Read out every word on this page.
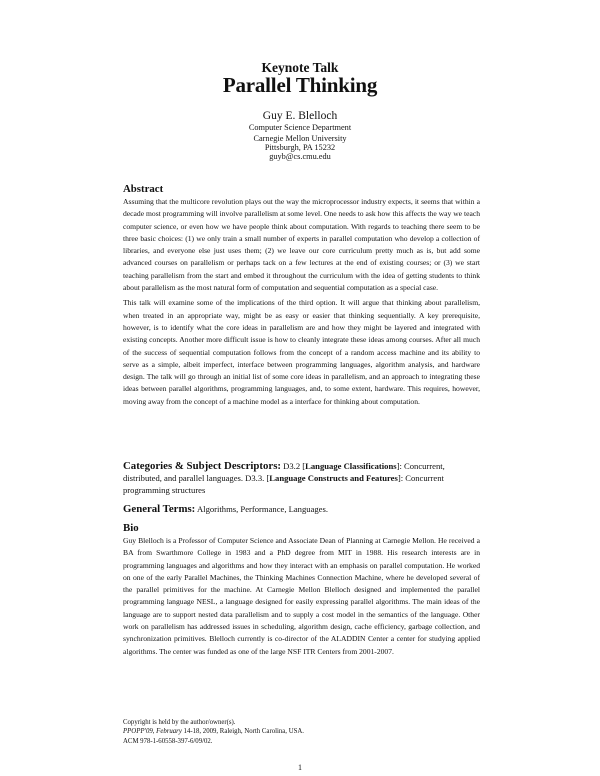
Keynote Talk
Parallel Thinking
Guy E. Blelloch
Computer Science Department
Carnegie Mellon University
Pittsburgh, PA 15232
guyb@cs.cmu.edu
Abstract
Assuming that the multicore revolution plays out the way the microprocessor industry expects, it seems that within a decade most programming will involve parallelism at some level. One needs to ask how this affects the way we teach computer science, or even how we have people think about computation. With regards to teaching there seem to be three basic choices: (1) we only train a small number of experts in parallel computation who develop a collection of libraries, and everyone else just uses them; (2) we leave our core curriculum pretty much as is, but add some advanced courses on parallelism or perhaps tack on a few lectures at the end of existing courses; or (3) we start teaching parallelism from the start and embed it throughout the curriculum with the idea of getting students to think about parallelism as the most natural form of computation and sequential computation as a special case.
This talk will examine some of the implications of the third option. It will argue that thinking about parallelism, when treated in an appropriate way, might be as easy or easier that thinking sequentially. A key prerequisite, however, is to identify what the core ideas in parallelism are and how they might be layered and integrated with existing concepts. Another more difficult issue is how to cleanly integrate these ideas among courses. After all much of the success of sequential computation follows from the concept of a random access machine and its ability to serve as a simple, albeit imperfect, interface between programming languages, algorithm analysis, and hardware design. The talk will go through an initial list of some core ideas in parallelism, and an approach to integrating these ideas between parallel algorithms, programming languages, and, to some extent, hardware. This requires, however, moving away from the concept of a machine model as a interface for thinking about computation.
Categories & Subject Descriptors: D3.2 [Language Classifications]: Concurrent, distributed, and parallel languages. D3.3. [Language Constructs and Features]: Concurrent programming structures
General Terms: Algorithms, Performance, Languages.
Bio
Guy Blelloch is a Professor of Computer Science and Associate Dean of Planning at Carnegie Mellon. He received a BA from Swarthmore College in 1983 and a PhD degree from MIT in 1988. His research interests are in programming languages and algorithms and how they interact with an emphasis on parallel computation. He worked on one of the early Parallel Machines, the Thinking Machines Connection Machine, where he developed several of the parallel primitives for the machine. At Carnegie Mellon Blelloch designed and implemented the parallel programming language NESL, a language designed for easily expressing parallel algorithms. The main ideas of the language are to support nested data parallelism and to supply a cost model in the semantics of the language. Other work on parallelism has addressed issues in scheduling, algorithm design, cache efficiency, garbage collection, and synchronization primitives. Blelloch currently is co-director of the ALADDIN Center a center for studying applied algorithms. The center was funded as one of the large NSF ITR Centers from 2001-2007.
Copyright is held by the author/owner(s).
PPOPP'09, February 14-18, 2009, Raleigh, North Carolina, USA.
ACM 978-1-60558-397-6/09/02.
1
